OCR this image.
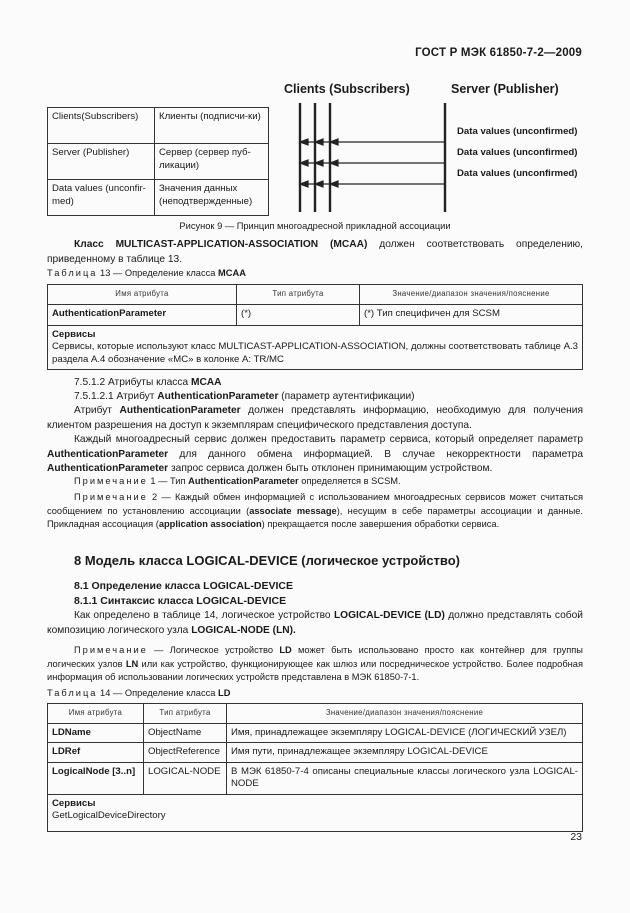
ГОСТ Р МЭК 61850-7-2—2009
Clients(Subscribers)	Клиенты (подписчи-ки)
Server (Publisher)	Сервер (сервер пуб-ликации)
Data values (unconfir-med)	Значения данных (неподтвержденные)
Clients (Subscribers)	Server (Publisher)
Data values (unconfirmed)
Data values (unconfirmed)
Data values (unconfirmed)
Рисунок 9 — Принцип многоадресной прикладной ассоциации
Класс MULTICAST-APPLICATION-ASSOCIATION (MCAA) должен соответствовать определению, приведенному в таблице 13.
Таблица 13 — Определение класса MCAA
Имя атрибута	Тип атрибута	Значение/диапазон значения/пояснение
AuthenticationParameter	(*)	(*) Тип специфичен для SCSM

Сервисы
Сервисы, которые используют класс MULTICAST-APPLICATION-ASSOCIATION, должны соответствовать таблице А.3 раздела А.4 обозначение «MC» в колонке A: TR/MC		
7.5.1.2 Атрибуты класса MCAA
7.5.1.2.1 Атрибут AuthenticationParameter (параметр аутентификации)
Атрибут AuthenticationParameter должен представлять информацию, необходимую для получения клиентом разрешения на доступ к экземплярам специфического представления доступа.
Каждый многоадресный сервис должен предоставить параметр сервиса, который определяет параметр AuthenticationParameter для данного обмена информацией. В случае некорректности параметра AuthenticationParameter запрос сервиса должен быть отклонен принимающим устройством.
Примечание 1 — Тип AuthenticationParameter определяется в SCSM.
Примечание 2 — Каждый обмен информацией с использованием многоадресных сервисов может считаться сообщением по установлению ассоциации (associate message), несущим в себе параметры ассоциации и данные. Прикладная ассоциация (application association) прекращается после завершения обработки сервиса.
8 Модель класса LOGICAL-DEVICE (логическое устройство)
8.1 Определение класса LOGICAL-DEVICE
8.1.1 Синтаксис класса LOGICAL-DEVICE
Как определено в таблице 14, логическое устройство LOGICAL-DEVICE (LD) должно представлять собой композицию логического узла LOGICAL-NODE (LN).
Примечание — Логическое устройство LD может быть использовано просто как контейнер для группы логических узлов LN или как устройство, функционирующее как шлюз или посредническое устройство. Более подробная информация об использовании логических устройств представлена в МЭК 61850-7-1.
Таблица 14 — Определение класса LD
Имя атрибута	Тип атрибута	Значение/диапазон значения/пояснение
LDName	ObjectName	Имя, принадлежащее экземпляру LOGICAL-DEVICE (ЛОГИЧЕСКИЙ УЗЕЛ)
LDRef	ObjectReference	Имя пути, принадлежащее экземпляру LOGICAL-DEVICE
LogicalNode [3..n]	LOGICAL-NODE	В МЭК 61850-7-4 описаны специальные классы логического узла LOGICAL-NODE

Сервисы
GetLogicalDeviceDirectory		
23
